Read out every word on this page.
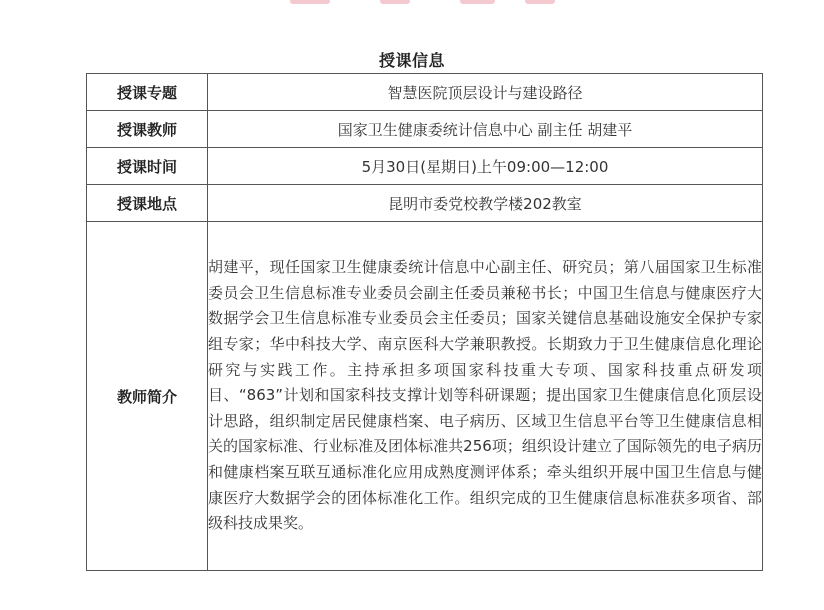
授课信息
授课专题	智慧医院顶层设计与建设路径
授课教师	国家卫生健康委统计信息中心 副主任 胡建平
授课时间	5月30日(星期日)上午09:00—12:00
授课地点	昆明市委党校教学楼202教室
教师简介	胡建平，现任国家卫生健康委统计信息中心副主任、研究员；第八届国家卫生标准委员会卫生信息标准专业委员会副主任委员兼秘书长；中国卫生信息与健康医疗大数据学会卫生信息标准专业委员会主任委员；国家关键信息基础设施安全保护专家组专家；华中科技大学、南京医科大学兼职教授。长期致力于卫生健康信息化理论研究与实践工作。主持承担多项国家科技重大专项、国家科技重点研发项目、“863”计划和国家科技支撑计划等科研课题；提出国家卫生健康信息化顶层设计思路，组织制定居民健康档案、电子病历、区域卫生信息平台等卫生健康信息相关的国家标准、行业标准及团体标准共256项；组织设计建立了国际领先的电子病历和健康档案互联互通标准化应用成熟度测评体系；牵头组织开展中国卫生信息与健康医疗大数据学会的团体标准化工作。组织完成的卫生健康信息标准获多项省、部级科技成果奖。
